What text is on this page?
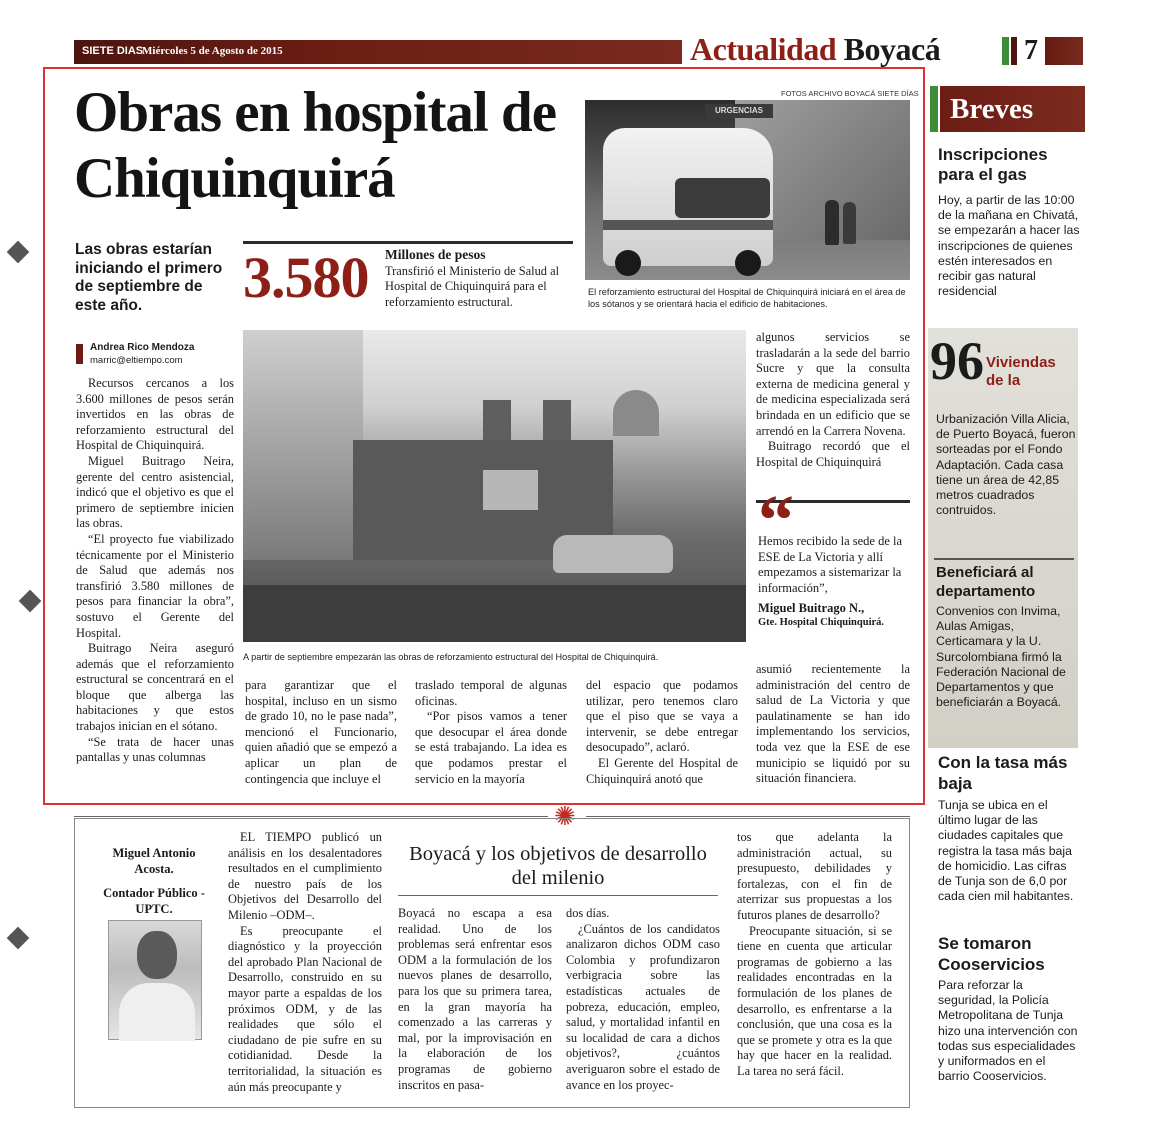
SIETE DIAS
Miércoles 5 de Agosto de 2015	Actualidad Boyacá	7
Obras en hospital de Chiquinquirá
Las obras estarían iniciando el primero de septiembre de este año.
Andrea Rico Mendoza
marric@eltiempo.com
3.580 Millones de pesos
Transfirió el Ministerio de Salud al Hospital de Chiquinquirá para el reforzamiento estructural.
FOTOS ARCHIVO BOYACÁ SIETE DÍAS
URGENCIAS
El reforzamiento estructural del Hospital de Chiquinquirá iniciará en el área de los sótanos y se orientará hacia el edificio de habitaciones.

Recursos cercanos a los 3.600 millones de pesos serán invertidos en las obras de reforzamiento estructural del Hospital de Chiquinquirá.

Miguel Buitrago Neira, gerente del centro asistencial, indicó que el objetivo es que el primero de septiembre inicien las obras.

“El proyecto fue viabilizado técnicamente por el Ministerio de Salud que además nos transfirió 3.580 millones de pesos para financiar la obra”, sostuvo el Gerente del Hospital.

Buitrago Neira aseguró además que el reforzamiento estructural se concentrará en el bloque que alberga las habitaciones y que estos trabajos inician en el sótano.

“Se trata de hacer unas pantallas y unas columnas

A partir de septiembre empezarán las obras de reforzamiento estructural del Hospital de Chiquinquirá.

algunos servicios se trasladarán a la sede del barrio Sucre y que la consulta externa de medicina general y de medicina especializada será brindada en un edificio que se arrendó en la Carrera Novena.

Buitrago recordó que el Hospital de Chiquinquirá

“
Hemos recibido la sede de la ESE de La Victoria y allí empezamos a sistemarizar la información”,
Miguel Buitrago N.,
Gte. Hospital Chiquinquirá.

para garantizar que el hospital, incluso en un sismo de grado 10, no le pase nada”, mencionó el Funcionario, quien añadió que se empezó a aplicar un plan de contingencia que incluye el

traslado temporal de algunas oficinas.

“Por pisos vamos a tener que desocupar el área donde se está trabajando. La idea es que podamos prestar el servicio en la mayoría

del espacio que podamos utilizar, pero tenemos claro que el piso que se vaya a intervenir, se debe entregar desocupado”, aclaró.

El Gerente del Hospital de Chiquinquirá anotó que

asumió recientemente la administración del centro de salud de La Victoria y que paulatinamente se han ido implementando los servicios, toda vez que la ESE de ese municipio se liquidó por su situación financiera.

✺
Miguel Antonio Acosta.
Contador Público - UPTC.

EL TIEMPO publicó un análisis en los desalentadores resultados en el cumplimiento de nuestro país de los Objetivos del Desarrollo del Milenio –ODM–.

Es preocupante el diagnóstico y la proyección del aprobado Plan Nacional de Desarrollo, construido en su mayor parte a espaldas de los próximos ODM, y de las realidades que sólo el ciudadano de pie sufre en su cotidianidad. Desde la territorialidad, la situación es aún más preocupante y

Boyacá y los objetivos de desarrollo del milenio

Boyacá no escapa a esa realidad. Uno de los problemas será enfrentar esos ODM a la formulación de los nuevos planes de desarrollo, para los que su primera tarea, en la gran mayoría ha comenzado a las carreras y mal, por la improvisación en la elaboración de los programas de gobierno inscritos en pasa-

dos días.

¿Cuántos de los candidatos analizaron dichos ODM caso Colombia y profundizaron verbigracia sobre las estadísticas actuales de pobreza, educación, empleo, salud, y mortalidad infantil en su localidad de cara a dichos objetivos?, ¿cuántos averiguaron sobre el estado de avance en los proyec-

tos que adelanta la administración actual, su presupuesto, debilidades y fortalezas, con el fin de aterrizar sus propuestas a los futuros planes de desarrollo?

Preocupante situación, si se tiene en cuenta que articular programas de gobierno a las realidades encontradas en la formulación de los planes de desarrollo, es enfrentarse a la conclusión, que una cosa es la que se promete y otra es la que hay que hacer en la realidad. La tarea no será fácil.

Breves
Inscripciones para el gas

Hoy, a partir de las 10:00 de la mañana en Chivatá, se empezarán a hacer las inscripciones de quienes estén interesados en recibir gas natural residencial

96 Viviendas de la

Urbanización Villa Alicia, de Puerto Boyacá, fueron sorteadas por el Fondo Adaptación. Cada casa tiene un área de 42,85 metros cuadrados contruidos.

Beneficiará al departamento

Convenios con Invima, Aulas Amigas, Certicamara y la U. Surcolombiana firmó la Federación Nacional de Departamentos y que beneficiarán a Boyacá.

Con la tasa más baja

Tunja se ubica en el último lugar de las ciudades capitales que registra la tasa más baja de homicidio. Las cifras de Tunja son de 6,0 por cada cien mil habitantes.

Se tomaron Cooservicios

Para reforzar la seguridad, la Policía Metropolitana de Tunja hizo una intervención con todas sus especialidades y uniformados en el barrio Cooservicios.
